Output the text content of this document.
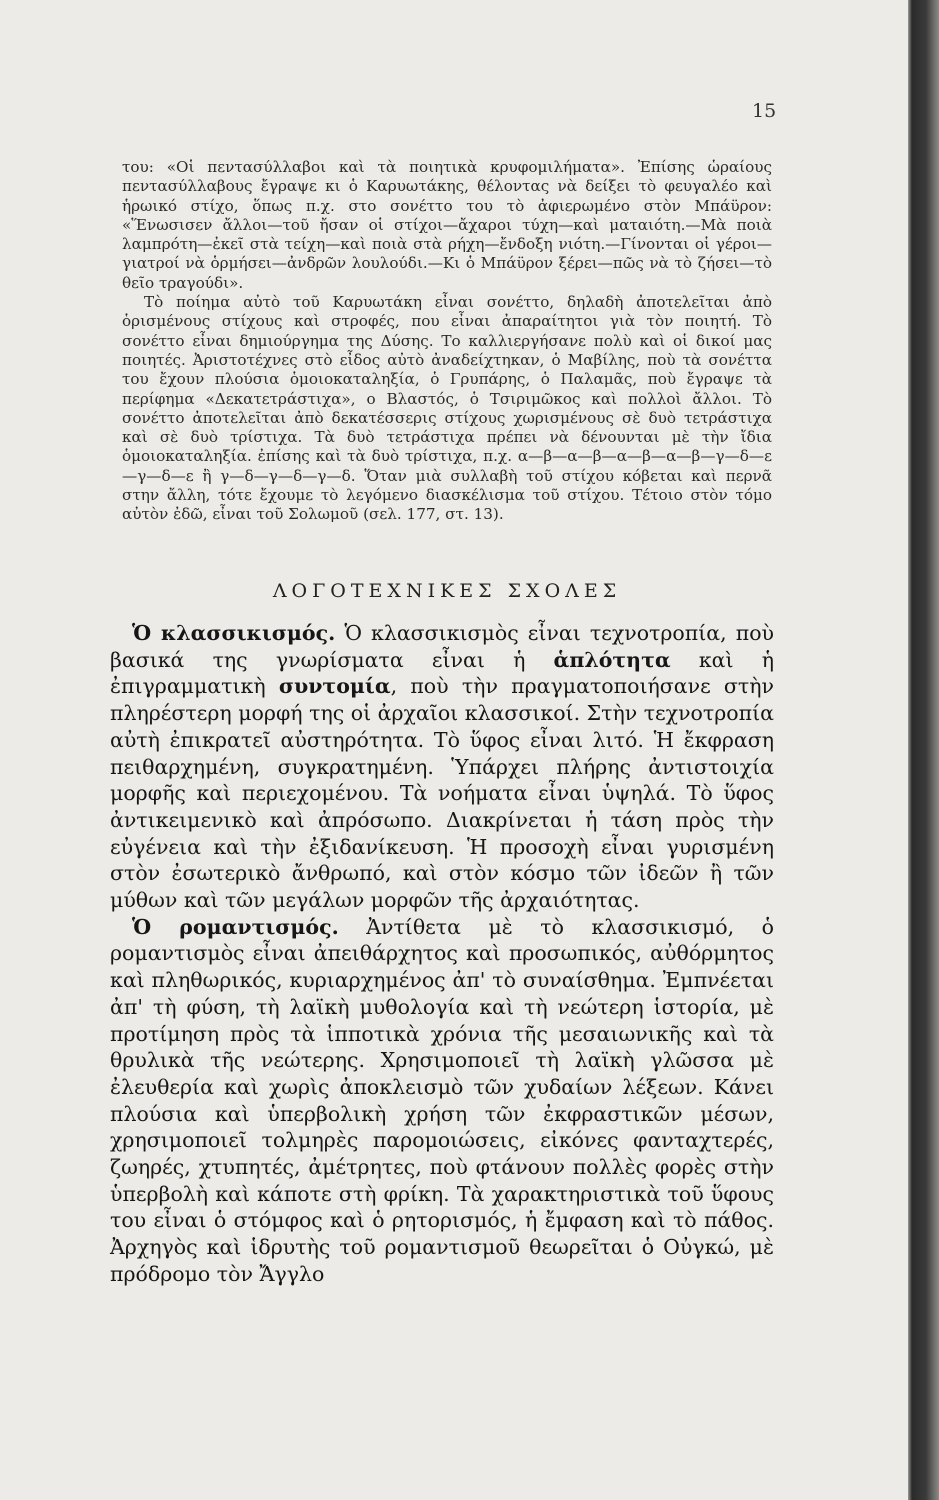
15

του: «Οἱ πεντασύλλαβοι καὶ τὰ ποιητικὰ κρυφομιλήματα». Ἐπίσης ὡραίους πεντασύλλαβους ἔγραψε κι ὁ Καρυωτάκης, θέλοντας νὰ δείξει τὸ φευγαλέο καὶ ἡρωικό στίχο, ὅπως π.χ. στο σονέττο του τὸ ἀφιερωμένο στὸν Μπάϋρον: «Ἕνωσισεν ἄλλοι—τοῦ ἤσαν οἱ στίχοι—ἄχαροι τύχη—καὶ ματαιότη.—Μὰ ποιὰ λαμπρότη—ἐκεῖ στὰ τείχη—καὶ ποιὰ στὰ ρήχη—ἔνδοξη νιότη.—Γίνονται οἱ γέροι—γιατροί νὰ ὁρμήσει—ἀνδρῶν λουλούδι.—Κι ὁ Μπάϋρον ξέρει—πῶς νὰ τὸ ζήσει—τὸ θεῖο τραγούδι».

Τὸ ποίημα αὐτὸ τοῦ Καρυωτάκη εἶναι σονέττο, δηλαδὴ ἀποτελεῖται ἀπὸ ὁρισμένους στίχους καὶ στροφές, που εἶναι ἀπαραίτητοι γιὰ τὸν ποιητή. Τὸ σονέττο εἶναι δημιούργημα της Δύσης. Το καλλιεργήσανε πολὺ καὶ οἱ δικοί μας ποιητές. Ἀριστοτέχνες στὸ εἶδος αὐτὸ ἀναδείχτηκαν, ὁ Μαβίλης, ποὺ τὰ σονέττα του ἔχουν πλούσια ὁμοιοκαταληξία, ὁ Γρυπάρης, ὁ Παλαμᾶς, ποὺ ἔγραψε τὰ περίφημα «Δεκατετράστιχα», ο Βλαστός, ὁ Τσιριμῶκος καὶ πολλοὶ ἄλλοι. Τὸ σονέττο ἀποτελεῖται ἀπὸ δεκατέσσερις στίχους χωρισμένους σὲ δυὸ τετράστιχα καὶ σὲ δυὸ τρίστιχα. Τὰ δυὸ τετράστιχα πρέπει νὰ δένουνται μὲ τὴν ἴδια ὁμοιοκαταληξία. ἐπίσης καὶ τὰ δυὸ τρίστιχα, π.χ. α—β—α—β—α—β—α—β—γ—δ—ε—γ—δ—ε ἢ γ—δ—γ—δ—γ—δ. Ὅταν μιὰ συλλαβὴ τοῦ στίχου κόβεται καὶ περνᾶ στην ἄλλη, τότε ἔχουμε τὸ λεγόμενο διασκέλισμα τοῦ στίχου. Τέτοιο στὸν τόμο αὐτὸν ἐδῶ, εἶναι τοῦ Σολωμοῦ (σελ. 177, στ. 13).

ΛΟΓΟΤΕΧΝΙΚΕΣ ΣΧΟΛΕΣ

Ὁ κλασσικισμός. Ὁ κλασσικισμὸς εἶναι τεχνοτροπία, ποὺ βασικά της γνωρίσματα εἶναι ἡ ἁπλότητα καὶ ἡ ἐπιγραμματικὴ συντομία, ποὺ τὴν πραγματοποιήσανε στὴν πληρέστερη μορφή της οἱ ἀρχαῖοι κλασσικοί. Στὴν τεχνοτροπία αὐτὴ ἐπικρατεῖ αὐστηρότητα. Τὸ ὕφος εἶναι λιτό. Ἡ ἔκφραση πειθαρχημένη, συγκρατημένη. Ὑπάρχει πλήρης ἀντιστοιχία μορφῆς καὶ περιεχομένου. Τὰ νοήματα εἶναι ὑψηλά. Τὸ ὕφος ἀντικειμενικὸ καὶ ἀπρόσωπο. Διακρίνεται ἡ τάση πρὸς τὴν εὐγένεια καὶ τὴν ἐξιδανίκευση. Ἡ προσοχὴ εἶναι γυρισμένη στὸν ἐσωτερικὸ ἄνθρωπό, καὶ στὸν κόσμο τῶν ἰδεῶν ἢ τῶν μύθων καὶ τῶν μεγάλων μορφῶν τῆς ἀρχαιότητας.

Ὁ ρομαντισμός. Ἀντίθετα μὲ τὸ κλασσικισμό, ὁ ρομαντισμὸς εἶναι ἀπειθάρχητος καὶ προσωπικός, αὐθόρμητος καὶ πληθωρικός, κυριαρχημένος ἀπ' τὸ συναίσθημα. Ἐμπνέεται ἀπ' τὴ φύση, τὴ λαϊκὴ μυθολογία καὶ τὴ νεώτερη ἱστορία, μὲ προτίμηση πρὸς τὰ ἱπποτικὰ χρόνια τῆς μεσαιωνικῆς καὶ τὰ θρυλικὰ τῆς νεώτερης. Χρησιμοποιεῖ τὴ λαϊκὴ γλῶσσα μὲ ἐλευθερία καὶ χωρὶς ἀποκλεισμὸ τῶν χυδαίων λέξεων. Κάνει πλούσια καὶ ὑπερβολικὴ χρήση τῶν ἐκφραστικῶν μέσων, χρησιμοποιεῖ τολμηρὲς παρομοιώσεις, εἰκόνες φανταχτερές, ζωηρές, χτυπητές, ἀμέτρητες, ποὺ φτάνουν πολλὲς φορὲς στὴν ὑπερβολὴ καὶ κάποτε στὴ φρίκη. Τὰ χαρακτηριστικὰ τοῦ ὕφους του εἶναι ὁ στόμφος καὶ ὁ ρητορισμός, ἡ ἔμφαση καὶ τὸ πάθος. Ἀρχηγὸς καὶ ἱδρυτὴς τοῦ ρομαντισμοῦ θεωρεῖται ὁ Οὐγκώ, μὲ πρόδρομο τὸν Ἄγγλο
